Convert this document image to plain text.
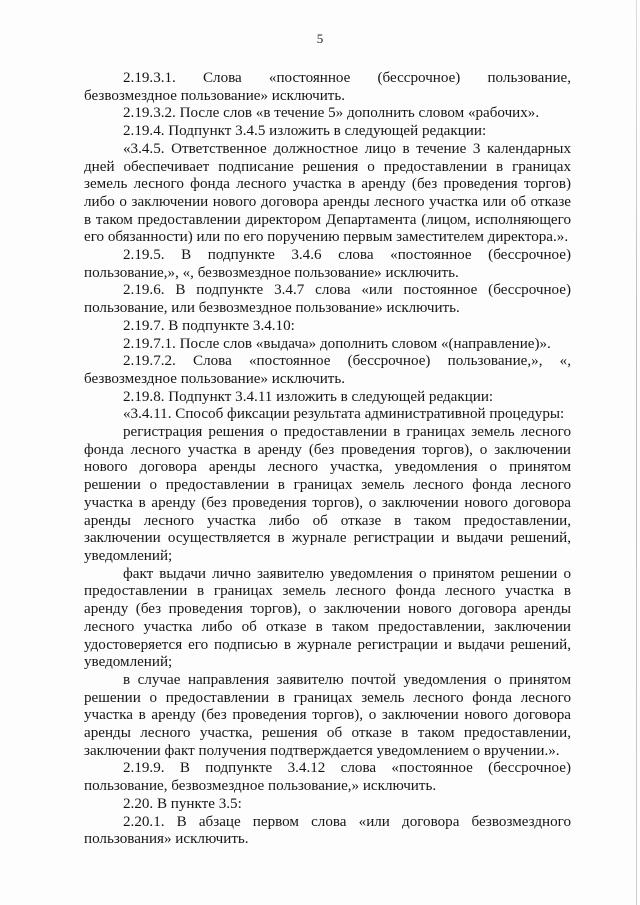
5

2.19.3.1. Слова «постоянное (бессрочное) пользование, безвозмездное пользование» исключить.

2.19.3.2. После слов «в течение 5» дополнить словом «рабочих».

2.19.4. Подпункт 3.4.5 изложить в следующей редакции:

«3.4.5. Ответственное должностное лицо в течение 3 календарных дней обеспечивает подписание решения о предоставлении в границах земель лесного фонда лесного участка в аренду (без проведения торгов) либо о заключении нового договора аренды лесного участка или об отказе в таком предоставлении директором Департамента (лицом, исполняющего его обязанности) или по его поручению первым заместителем директора.».

2.19.5. В подпункте 3.4.6 слова «постоянное (бессрочное) пользование,», «, безвозмездное пользование» исключить.

2.19.6. В подпункте 3.4.7 слова «или постоянное (бессрочное) пользование, или безвозмездное пользование» исключить.

2.19.7. В подпункте 3.4.10:

2.19.7.1. После слов «выдача» дополнить словом «(направление)».

2.19.7.2. Слова «постоянное (бессрочное) пользование,», «, безвозмездное пользование» исключить.

2.19.8. Подпункт 3.4.11 изложить в следующей редакции:

«3.4.11. Способ фиксации результата административной процедуры:

регистрация решения о предоставлении в границах земель лесного фонда лесного участка в аренду (без проведения торгов), о заключении нового договора аренды лесного участка, уведомления о принятом решении о предоставлении в границах земель лесного фонда лесного участка в аренду (без проведения торгов), о заключении нового договора аренды лесного участка либо об отказе в таком предоставлении, заключении осуществляется в журнале регистрации и выдачи решений, уведомлений;

факт выдачи лично заявителю уведомления о принятом решении о предоставлении в границах земель лесного фонда лесного участка в аренду (без проведения торгов), о заключении нового договора аренды лесного участка либо об отказе в таком предоставлении, заключении удостоверяется его подписью в журнале регистрации и выдачи решений, уведомлений;

в случае направления заявителю почтой уведомления о принятом решении о предоставлении в границах земель лесного фонда лесного участка в аренду (без проведения торгов), о заключении нового договора аренды лесного участка, решения об отказе в таком предоставлении, заключении факт получения подтверждается уведомлением о вручении.».

2.19.9. В подпункте 3.4.12 слова «постоянное (бессрочное) пользование, безвозмездное пользование,» исключить.

2.20. В пункте 3.5:

2.20.1. В абзаце первом слова «или договора безвозмездного пользования» исключить.
